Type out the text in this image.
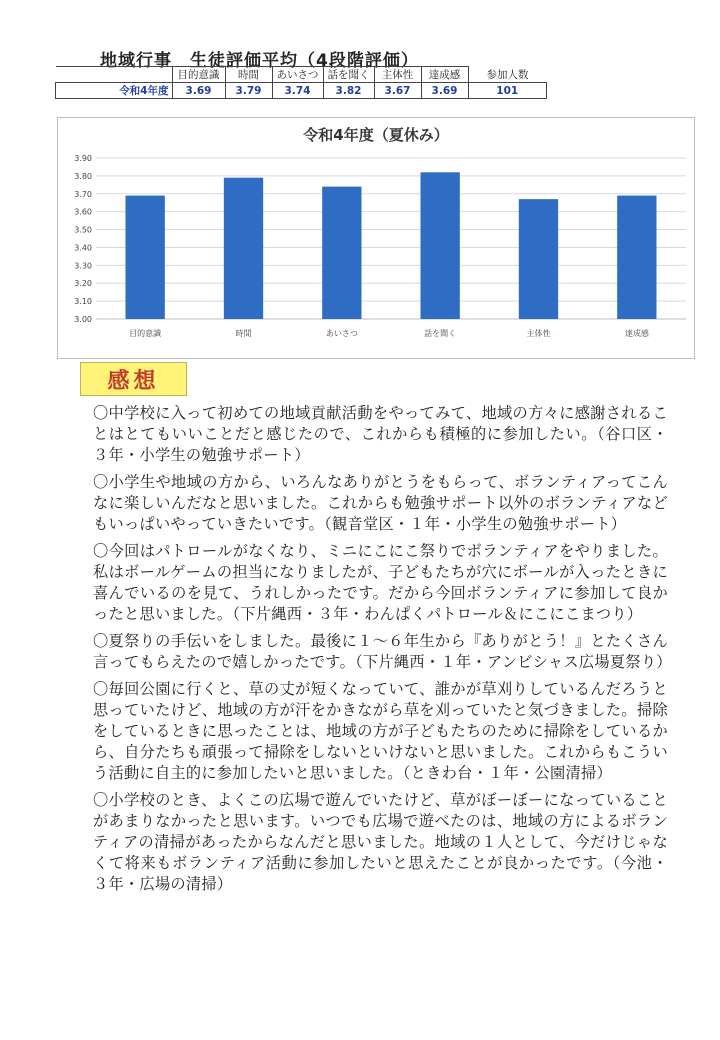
地域行事　生徒評価平均（4段階評価）
	目的意識	時間	あいさつ	話を聞く	主体性	達成感	参加人数
令和4年度	3.69	3.79	3.74	3.82	3.67	3.69	101
令和4年度（夏休み）
3.90
3.80
3.70
3.60
3.50
3.40
3.30
3.20
3.10
3.00
目的意識	時間	あいさつ	話を聞く	主体性	達成感
感想

〇中学校に入って初めての地域貢献活動をやってみて、地域の方々に感謝されることはとてもいいことだと感じたので、これからも積極的に参加したい。（谷口区・３年・小学生の勉強サポート）

〇小学生や地域の方から、いろんなありがとうをもらって、ボランティアってこんなに楽しいんだなと思いました。これからも勉強サポート以外のボランティアなどもいっぱいやっていきたいです。（観音堂区・１年・小学生の勉強サポート）

〇今回はパトロールがなくなり、ミニにこにこ祭りでボランティアをやりました。私はボールゲームの担当になりましたが、子どもたちが穴にボールが入ったときに喜んでいるのを見て、うれしかったです。だから今回ボランティアに参加して良かったと思いました。（下片縄西・３年・わんぱくパトロール＆にこにこまつり）

〇夏祭りの手伝いをしました。最後に１～６年生から『ありがとう！』とたくさん言ってもらえたので嬉しかったです。（下片縄西・１年・アンビシャス広場夏祭り）

〇毎回公園に行くと、草の丈が短くなっていて、誰かが草刈りしているんだろうと思っていたけど、地域の方が汗をかきながら草を刈っていたと気づきました。掃除をしているときに思ったことは、地域の方が子どもたちのために掃除をしているから、自分たちも頑張って掃除をしないといけないと思いました。これからもこういう活動に自主的に参加したいと思いました。（ときわ台・１年・公園清掃）

〇小学校のとき、よくこの広場で遊んでいたけど、草がぼーぼーになっていることがあまりなかったと思います。いつでも広場で遊べたのは、地域の方によるボランティアの清掃があったからなんだと思いました。地域の１人として、今だけじゃなくて将来もボランティア活動に参加したいと思えたことが良かったです。（今池・３年・広場の清掃）
